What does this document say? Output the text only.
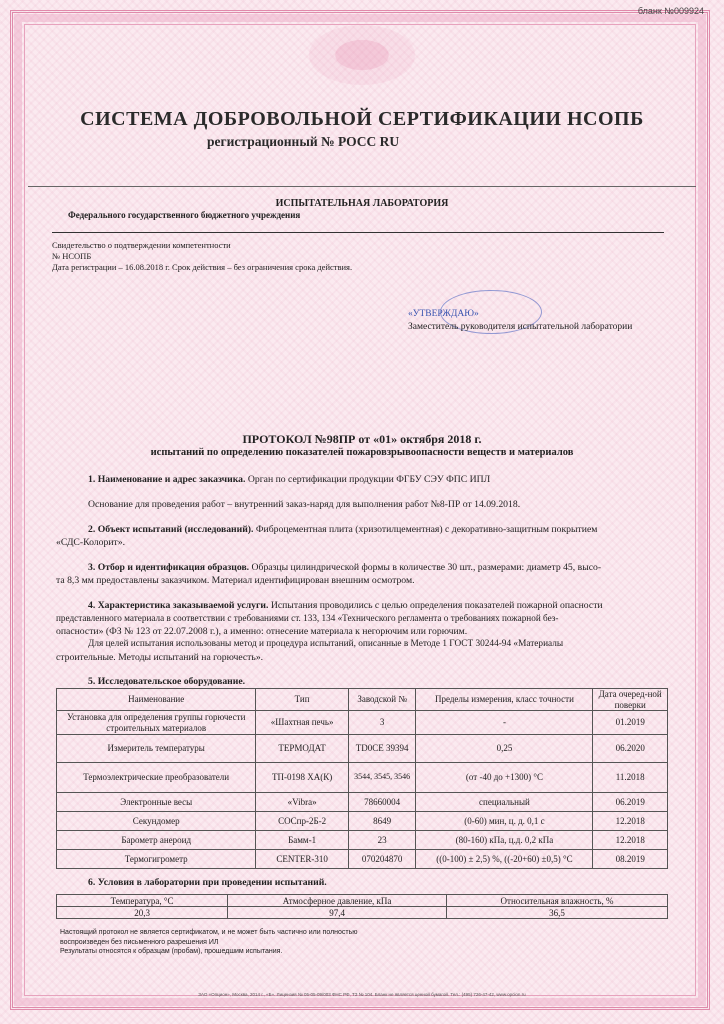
бланк №009924
СИСТЕМА ДОБРОВОЛЬНОЙ СЕРТИФИКАЦИИ НСОПБ
регистрационный № РОСС RU
ИСПЫТАТЕЛЬНАЯ ЛАБОРАТОРИЯ
Федерального государственного бюджетного учреждения
Свидетельство о подтверждении компетентности
№ НСОПБ
Дата регистрации – 16.08.2018 г. Срок действия – без ограничения срока действия.
«УТВЕРЖДАЮ»
Заместитель руководителя испытательной лаборатории
ПРОТОКОЛ №98ПР от «01» октября 2018 г.
испытаний по определению показателей пожаровзрывоопасности веществ и материалов
1. Наименование и адрес заказчика. Орган по сертификации продукции ФГБУ СЭУ ФПС ИПЛ
Основание для проведения работ – внутренний заказ-наряд для выполнения работ №8-ПР от 14.09.2018.
2. Объект испытаний (исследований). Фиброцементная плита (хризотилцементная) с декоративно-защитным покрытием
«СДС-Колорит».
3. Отбор и идентификация образцов. Образцы цилиндрической формы в количестве 30 шт., размерами: диаметр 45, высо-
та 8,3 мм предоставлены заказчиком. Материал идентифицирован внешним осмотром.
4. Характеристика заказываемой услуги. Испытания проводились с целью определения показателей пожарной опасности
представленного материала в соответствии с требованиями ст. 133, 134 «Технического регламента о требованиях пожарной без-
опасности» (ФЗ № 123 от 22.07.2008 г.), а именно: отнесение материала к негорючим или горючим.
Для целей испытания использованы метод и процедура испытаний, описанные в Методе 1 ГОСТ 30244-94 «Материалы
строительные. Методы испытаний на горючесть».
5. Исследовательское оборудование.
Наименование	Тип	Заводской №	Пределы измерения, класс точности	Дата очеред-ной поверки
Установка для определения группы горючести строительных материалов	«Шахтная печь»	3	-	01.2019
Измеритель температуры	ТЕРМОДАТ	TD0CE 39394	0,25	06.2020
Термоэлектрические преобразователи	ТП-0198 ХА(К)	3544, 3545, 3546	(от -40 до +1300) °С	11.2018
Электронные весы	«Vibra»	78660004	специальный	06.2019
Секундомер	СОСпр-2Б-2	8649	(0-60) мин, ц. д. 0,1 с	12.2018
Барометр анероид	Бамм-1	23	(80-160) кПа, ц.д. 0,2 кПа	12.2018
Термогигрометр	CENTER-310	070204870	((0-100) ± 2,5) %, ((-20+60) ±0,5) °С	08.2019
6. Условия в лаборатории при проведении испытаний.
Температура, °С	Атмосферное давление, кПа	Относительная влажность, %
20,3	97,4	36,5
Настоящий протокол не является сертификатом, и не может быть частично или полностью
воспроизведен без письменного разрешения ИЛ
Результаты относятся к образцам (пробам), прошедшим испытания.
ЗАО «Опцион», Москва, 2014 г., «Б». Лицензия № 05-05-09/003 ФНС РФ, ТЗ № 104. Бланк не является ценной бумагой. Тел.: (495) 726-47-42, www.opcion.ru
